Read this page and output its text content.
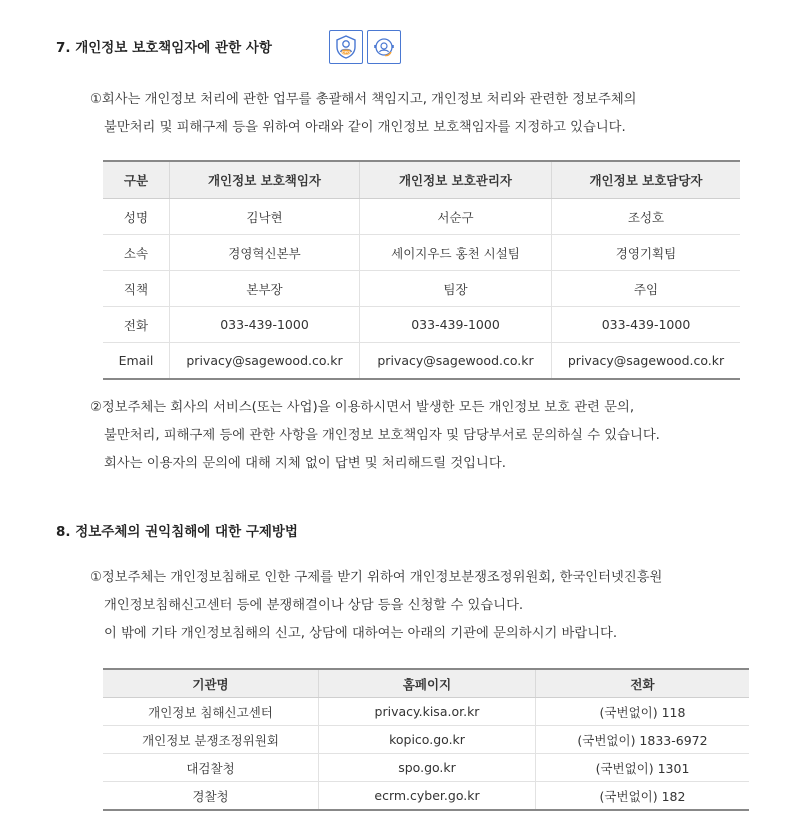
7. 개인정보 보호책임자에 관한 사항	CPO
①회사는 개인정보 처리에 관한 업무를 총괄해서 책임지고, 개인정보 처리와 관련한 정보주체의
불만처리 및 피해구제 등을 위하여 아래와 같이 개인정보 보호책임자를 지정하고 있습니다.
구분	개인정보 보호책임자	개인정보 보호관리자	개인정보 보호담당자
성명	김낙현	서순구	조성호
소속	경영혁신본부	세이지우드 홍천 시설팀	경영기획팀
직책	본부장	팀장	주임
전화	033-439-1000	033-439-1000	033-439-1000
Email	privacy@sagewood.co.kr	privacy@sagewood.co.kr	privacy@sagewood.co.kr
②정보주체는 회사의 서비스(또는 사업)을 이용하시면서 발생한 모든 개인정보 보호 관련 문의,
불만처리, 피해구제 등에 관한 사항을 개인정보 보호책임자 및 담당부서로 문의하실 수 있습니다.
회사는 이용자의 문의에 대해 지체 없이 답변 및 처리해드릴 것입니다.
8. 정보주체의 권익침해에 대한 구제방법
①정보주체는 개인정보침해로 인한 구제를 받기 위하여 개인정보분쟁조정위원회, 한국인터넷진흥원
개인정보침해신고센터 등에 분쟁해결이나 상담 등을 신청할 수 있습니다.
이 밖에 기타 개인정보침해의 신고, 상담에 대하여는 아래의 기관에 문의하시기 바랍니다.
기관명	홈페이지	전화
개인정보 침해신고센터	privacy.kisa.or.kr	(국번없이) 118
개인정보 분쟁조정위원회	kopico.go.kr	(국번없이) 1833-6972
대검찰청	spo.go.kr	(국번없이) 1301
경찰청	ecrm.cyber.go.kr	(국번없이) 182
